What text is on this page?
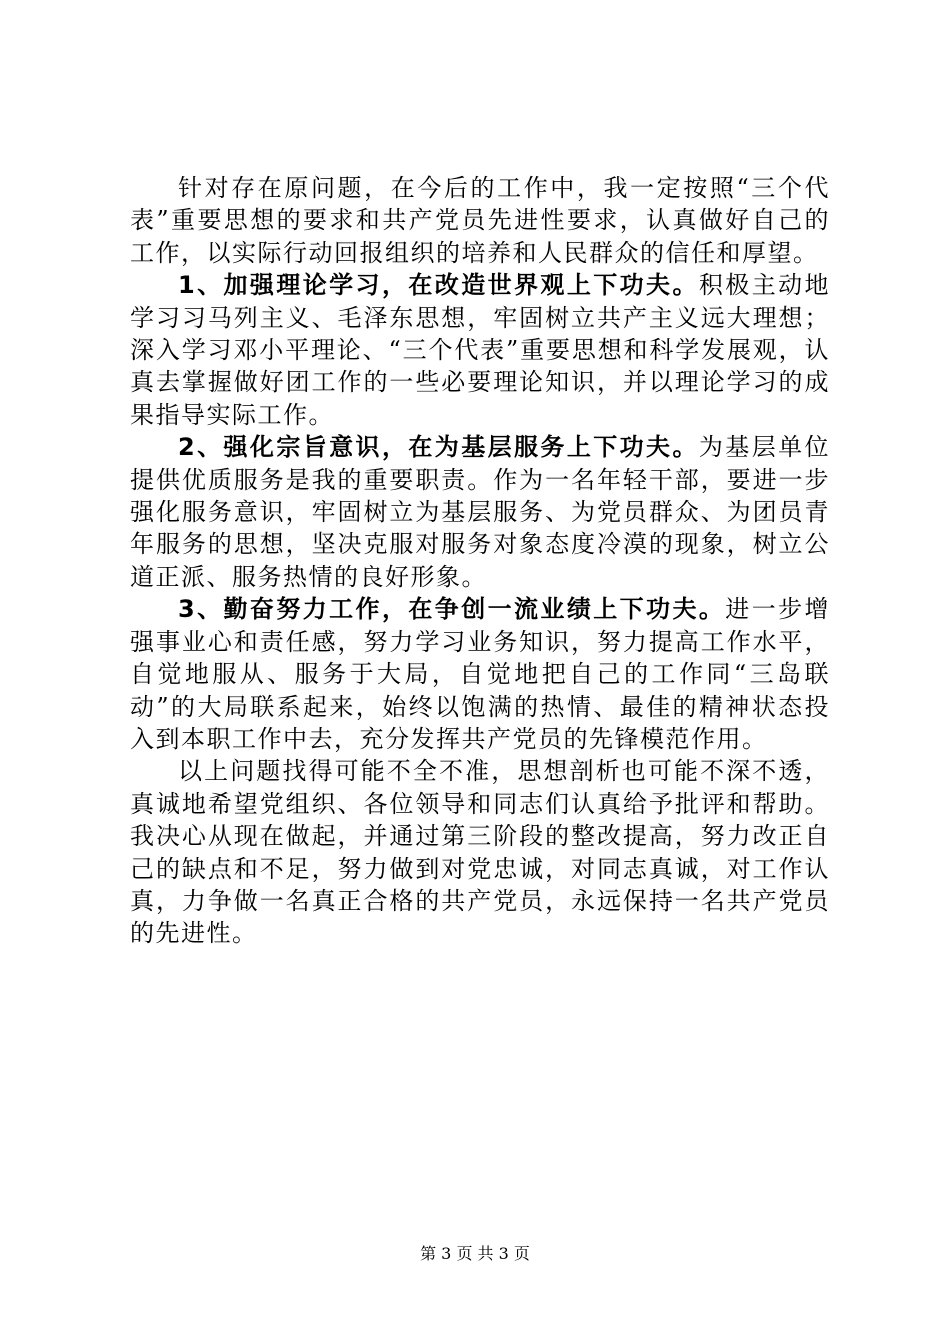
针对存在原问题，在今后的工作中，我一定按照“三个代表”重要思想的要求和共产党员先进性要求，认真做好自己的工作，以实际行动回报组织的培养和人民群众的信任和厚望。

1、加强理论学习，在改造世界观上下功夫。积极主动地学习习马列主义、毛泽东思想，牢固树立共产主义远大理想；深入学习邓小平理论、“三个代表”重要思想和科学发展观，认真去掌握做好团工作的一些必要理论知识，并以理论学习的成果指导实际工作。

2、强化宗旨意识，在为基层服务上下功夫。为基层单位提供优质服务是我的重要职责。作为一名年轻干部，要进一步强化服务意识，牢固树立为基层服务、为党员群众、为团员青年服务的思想，坚决克服对服务对象态度冷漠的现象，树立公道正派、服务热情的良好形象。

3、勤奋努力工作，在争创一流业绩上下功夫。进一步增强事业心和责任感，努力学习业务知识，努力提高工作水平，自觉地服从、服务于大局，自觉地把自己的工作同“三岛联动”的大局联系起来，始终以饱满的热情、最佳的精神状态投入到本职工作中去，充分发挥共产党员的先锋模范作用。

以上问题找得可能不全不准，思想剖析也可能不深不透，真诚地希望党组织、各位领导和同志们认真给予批评和帮助。我决心从现在做起，并通过第三阶段的整改提高，努力改正自己的缺点和不足，努力做到对党忠诚，对同志真诚，对工作认真，力争做一名真正合格的共产党员，永远保持一名共产党员的先进性。

第 3 页 共 3 页
